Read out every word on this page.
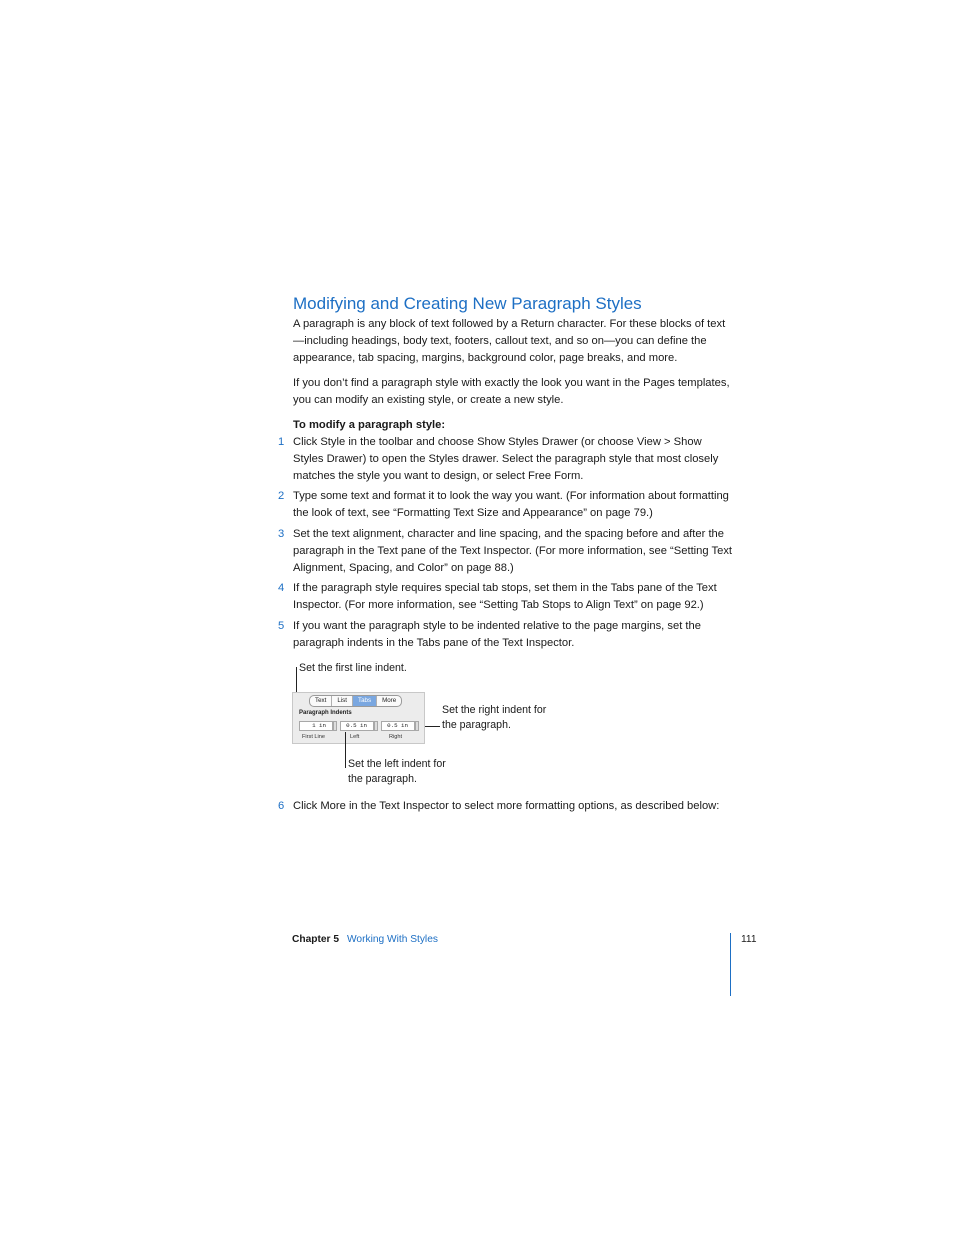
Modifying and Creating New Paragraph Styles

A paragraph is any block of text followed by a Return character. For these blocks of text—including headings, body text, footers, callout text, and so on—you can define the appearance, tab spacing, margins, background color, page breaks, and more.

If you don’t find a paragraph style with exactly the look you want in the Pages templates, you can modify an existing style, or create a new style.

To modify a paragraph style:

1 Click Style in the toolbar and choose Show Styles Drawer (or choose View > Show Styles Drawer) to open the Styles drawer. Select the paragraph style that most closely matches the style you want to design, or select Free Form.
2 Type some text and format it to look the way you want. (For information about formatting the look of text, see “Formatting Text Size and Appearance” on page 79.)
3 Set the text alignment, character and line spacing, and the spacing before and after the paragraph in the Text pane of the Text Inspector. (For more information, see “Setting Text Alignment, Spacing, and Color” on page 88.)
4 If the paragraph style requires special tab stops, set them in the Tabs pane of the Text Inspector. (For more information, see “Setting Tab Stops to Align Text” on page 92.)
5 If you want the paragraph style to be indented relative to the page margins, set the paragraph indents in the Tabs pane of the Text Inspector.
Set the first line indent.
Text	List	Tabs	More
Paragraph Indents
1 in	0.5 in	0.5 in
First Line	Left	Right
Set the right indent for
the paragraph.
Set the left indent for
the paragraph.
6 Click More in the Text Inspector to select more formatting options, as described below:
Chapter 5 Working With Styles	111
